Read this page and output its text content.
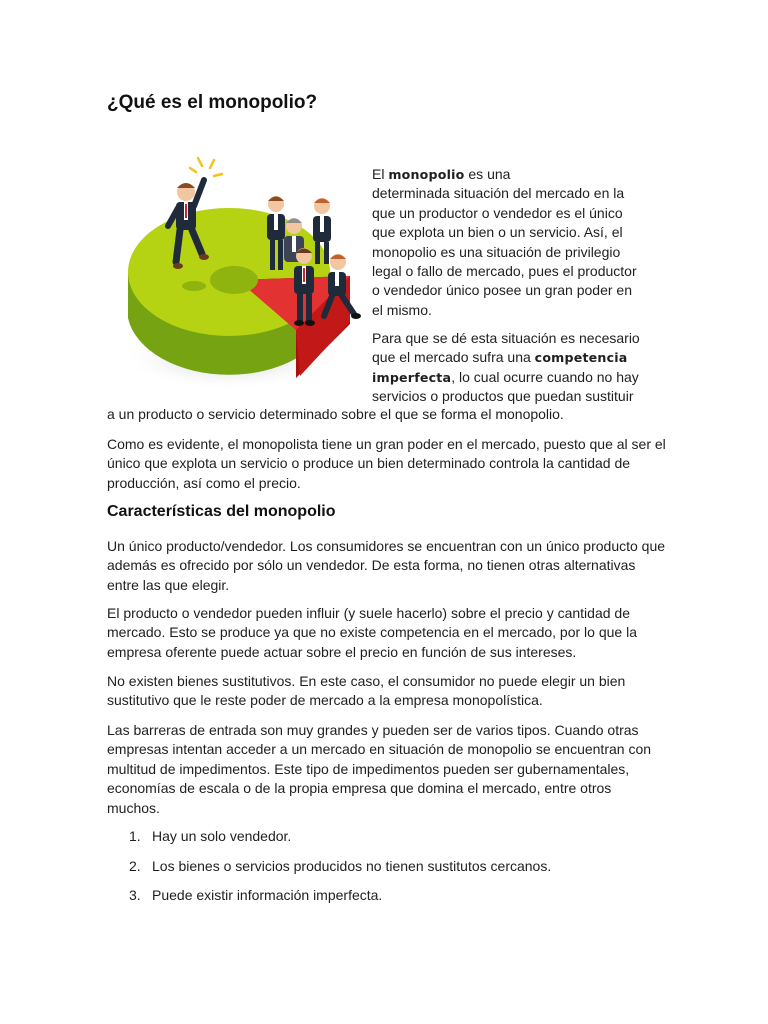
¿Qué es el monopolio?

El monopolio es una
determinada situación del mercado en la
que un productor o vendedor es el único
que explota un bien o un servicio. Así, el
monopolio es una situación de privilegio
legal o fallo de mercado, pues el productor
o vendedor único posee un gran poder en
el mismo.

Para que se dé esta situación es necesario
que el mercado sufra una competencia
imperfecta, lo cual ocurre cuando no hay
servicios o productos que puedan sustituir

a un producto o servicio determinado sobre el que se forma el monopolio.

Como es evidente, el monopolista tiene un gran poder en el mercado, puesto que al ser el único que explota un servicio o produce un bien determinado controla la cantidad de producción, así como el precio.

Características del monopolio

Un único producto/vendedor. Los consumidores se encuentran con un único producto que además es ofrecido por sólo un vendedor. De esta forma, no tienen otras alternativas entre las que elegir.

El producto o vendedor pueden influir (y suele hacerlo) sobre el precio y cantidad de mercado. Esto se produce ya que no existe competencia en el mercado, por lo que la empresa oferente puede actuar sobre el precio en función de sus intereses.

No existen bienes sustitutivos. En este caso, el consumidor no puede elegir un bien sustitutivo que le reste poder de mercado a la empresa monopolística.

Las barreras de entrada son muy grandes y pueden ser de varios tipos. Cuando otras empresas intentan acceder a un mercado en situación de monopolio se encuentran con multitud de impedimentos. Este tipo de impedimentos pueden ser gubernamentales, economías de escala o de la propia empresa que domina el mercado, entre otros muchos.

1. Hay un solo vendedor.
2. Los bienes o servicios producidos no tienen sustitutos cercanos.
3. Puede existir información imperfecta.
